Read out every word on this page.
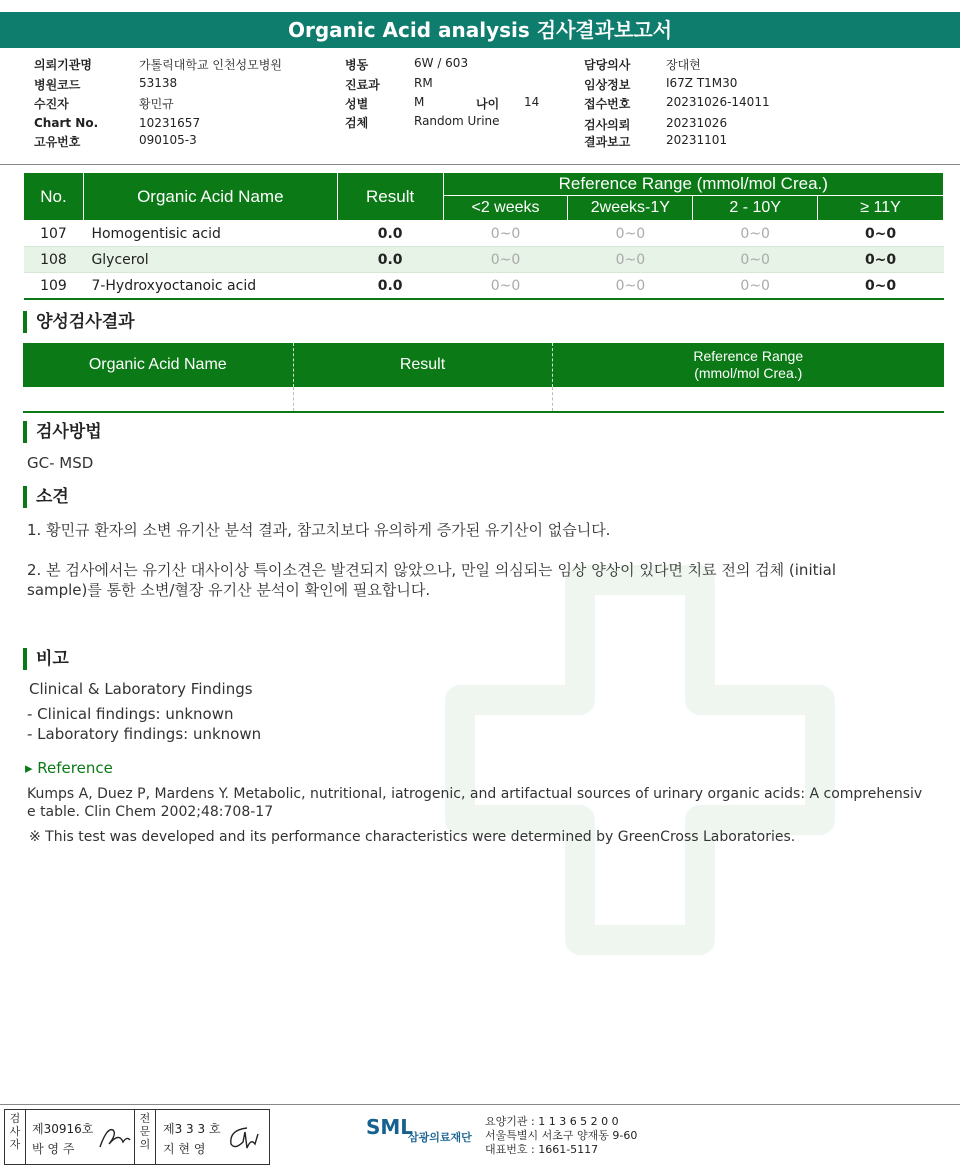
Organic Acid analysis 검사결과보고서
의뢰기관명	가톨릭대학교 인천성모병원
병원코드	53138
수진자	황민규
Chart No.	10231657
고유번호	090105-3
병동	6W / 603
진료과	RM
성별	M	나이 14
검체	Random Urine
담당의사	장대현
임상정보	I67Z T1M30
접수번호	20231026-14011
검사의뢰	20231026
결과보고	20231101
No.	Organic Acid Name	Result	Reference Range (mmol/mol Crea.)			
			<2 weeks	2weeks-1Y	2 - 10Y	≥ 11Y
107	Homogentisic acid	0.0	0~0	0~0	0~0	0~0
108	Glycerol	0.0	0~0	0~0	0~0	0~0
109	7-Hydroxyoctanoic acid	0.0	0~0	0~0	0~0	0~0
양성검사결과
Organic Acid Name	Result	Reference Range
(mmol/mol Crea.)

검사방법
GC- MSD
소견
1. 황민규 환자의 소변 유기산 분석 결과, 참고치보다 유의하게 증가된 유기산이 없습니다.
2. 본 검사에서는 유기산 대사이상 특이소견은 발견되지 않았으나, 만일 의심되는 임상 양상이 있다면 치료 전의 검체 (initial
sample)를 통한 소변/혈장 유기산 분석이 확인에 필요합니다.
비고
Clinical & Laboratory Findings
- Clinical findings: unknown
- Laboratory findings: unknown
▸ Reference
Kumps A, Duez P, Mardens Y. Metabolic, nutritional, iatrogenic, and artifactual sources of urinary organic acids: A comprehensiv
e table. Clin Chem 2002;48:708-17
※ This test was developed and its performance characteristics were determined by GreenCross Laboratories.
검사자
제30916호
박 영 주
전문의
제3 3 3 호
지 현 영
SML
삼광의료재단
요양기관 : 1 1 3 6 5 2 0 0
서울특별시 서초구 양재동 9-60
대표번호 : 1661-5117
